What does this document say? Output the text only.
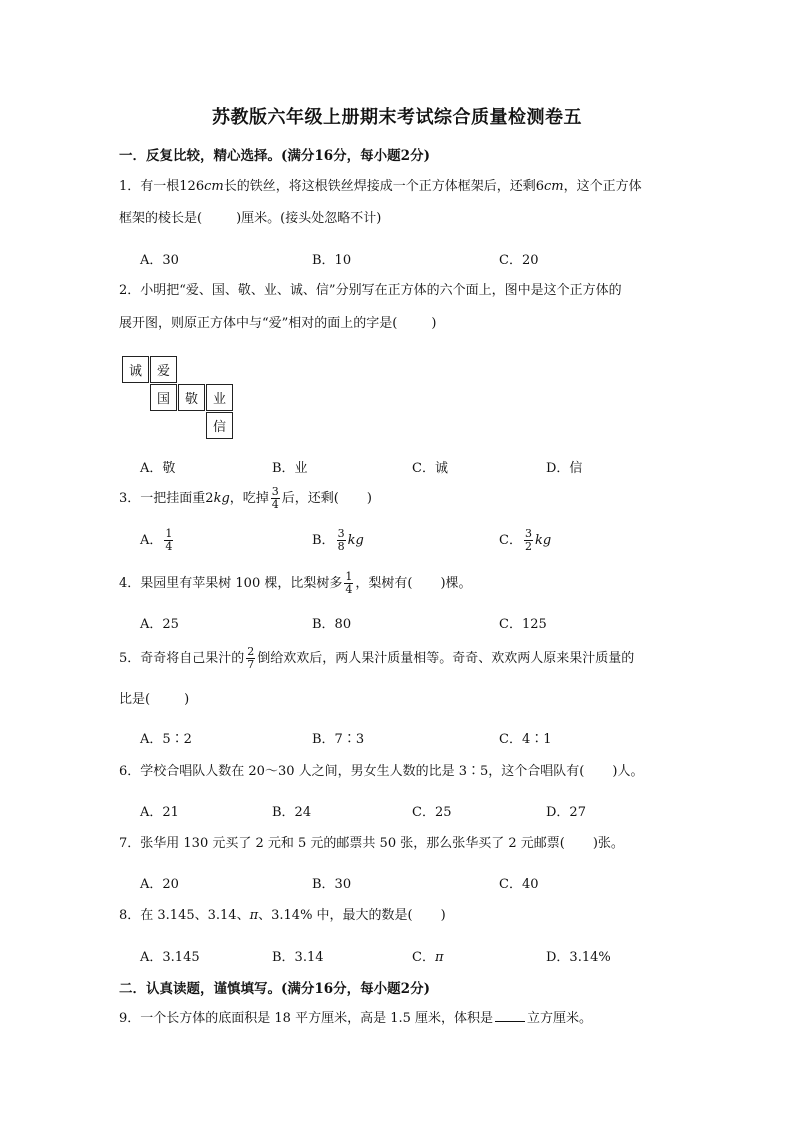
苏教版六年级上册期末考试综合质量检测卷五
一．反复比较，精心选择。(满分16分，每小题2分)
1．有一根126cm长的铁丝，将这根铁丝焊接成一个正方体框架后，还剩6cm，这个正方体
框架的棱长是(	)厘米。(接头处忽略不计)
A．30	B．10	C．20
2．小明把“爱、国、敬、业、诚、信”分别写在正方体的六个面上，图中是这个正方体的
展开图，则原正方体中与“爱”相对的面上的字是(	)
诚	爱
国	敬	业
信
A．敬	B．业	C．诚	D．信
3．一把挂面重2kg，吃掉 $\frac{3}{4}$ 后，还剩( )
A． $\frac{1}{4}$	B． $\frac{3}{8}$ kg	C． $\frac{3}{2}$ kg
4．果园里有苹果树 100 棵，比梨树多 $\frac{1}{4}$ ，梨树有( )棵。
A．25	B．80	C．125
5．奇奇将自己果汁的 $\frac{2}{7}$ 倒给欢欢后，两人果汁质量相等。奇奇、欢欢两人原来果汁质量的
比是(	)
A．5∶2	B．7∶3	C．4∶1
6．学校合唱队人数在 20～30 人之间，男女生人数的比是 3∶5，这个合唱队有( )人。
A．21	B．24	C．25	D．27
7．张华用 130 元买了 2 元和 5 元的邮票共 50 张，那么张华买了 2 元邮票( )张。
A．20	B．30	C．40
8．在 3.145、3.14、π、3.14% 中，最大的数是( )
A．3.145	B．3.14	C．π	D．3.14%
二．认真读题，谨慎填写。(满分16分，每小题2分)
9．一个长方体的底面积是 18 平方厘米，高是 1.5 厘米，体积是	立方厘米。
